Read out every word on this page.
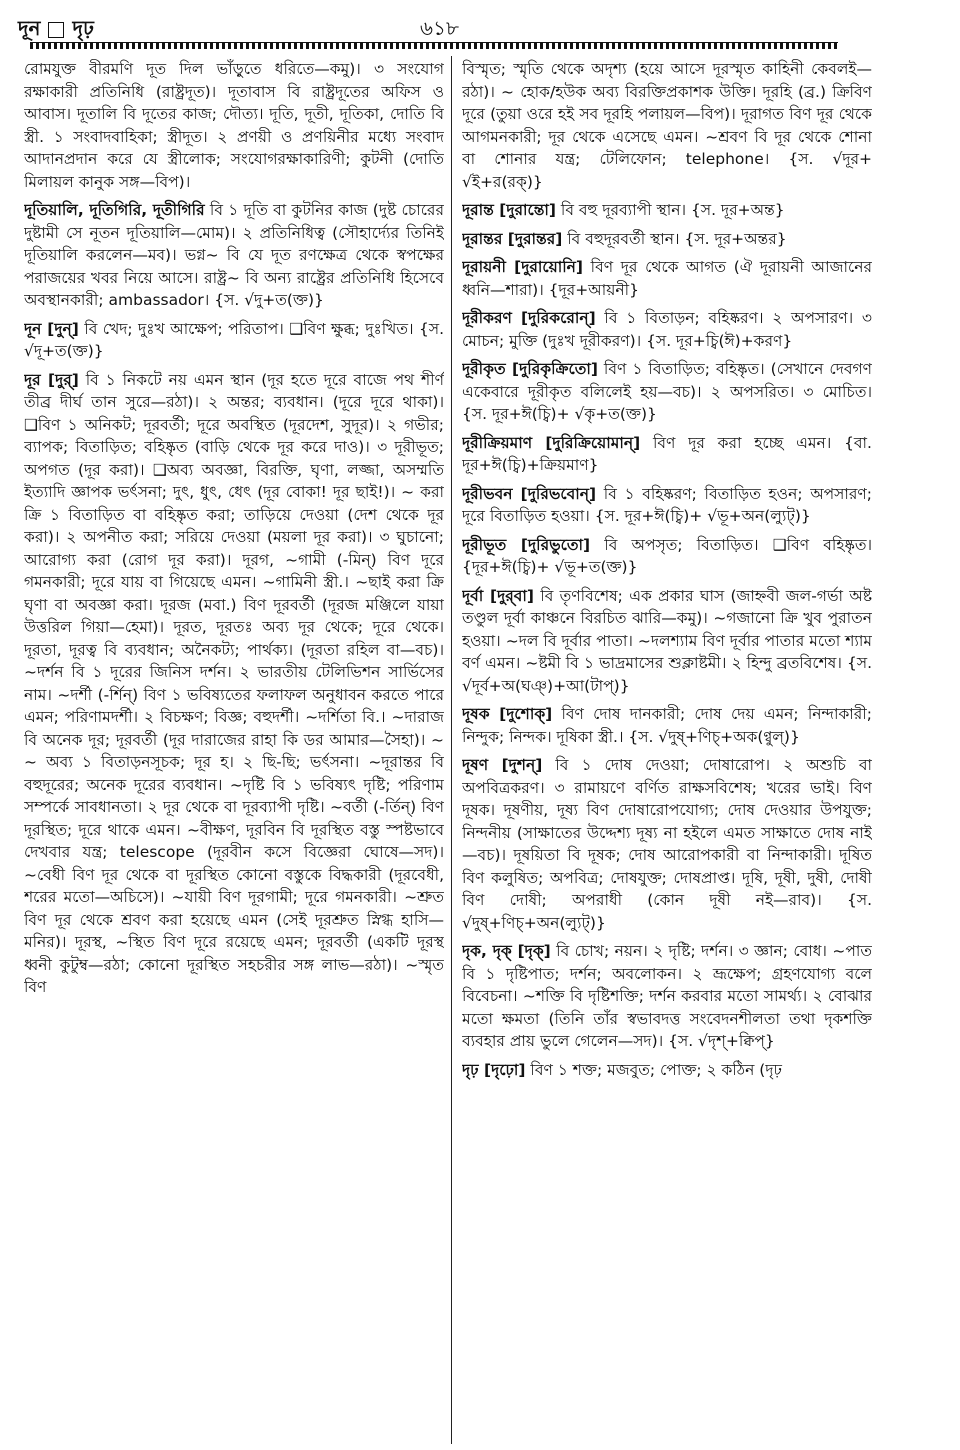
দূন দৃঢ়	৬১৮

রোমযুক্ত বীরমণি দূত দিল ভাঁড়ুতে ধরিতে—কমু)। ৩ সংযোগ রক্ষাকারী প্রতিনিধি (রাষ্ট্রদূত)। দূতাবাস বি রাষ্ট্রদূতের অফিস ও আবাস। দূতালি বি দূতের কাজ; দৌত্য। দূতি, দূতী, দূতিকা, দোতি বি স্ত্রী. ১ সংবাদবাহিকা; স্ত্রীদূত। ২ প্রণয়ী ও প্রণয়িনীর মধ্যে সংবাদ আদানপ্রদান করে যে স্ত্রীলোক; সংযোগরক্ষাকারিণী; কুটনী (দোতি মিলায়ল কানুক সঙ্গ—বিপ)।

দূতিয়ালি, দূতিগিরি, দূতীগিরি বি ১ দূতি বা কুটনির কাজ (দুষ্ট চোরের দুষ্টামী সে নূতন দূতিয়ালি—মোম)। ২ প্রতিনিধিত্ব (সৌহার্দ্যের তিনিই দূতিয়ালি করলেন—মব)। ভগ্ন~ বি যে দূত রণক্ষেত্র থেকে স্বপক্ষের পরাজয়ের খবর নিয়ে আসে। রাষ্ট্র~ বি অন্য রাষ্ট্রের প্রতিনিধি হিসেবে অবস্থানকারী; ambassador। {স. √দু+ত(ক্ত)}

দূন [দুন্] বি খেদ; দুঃখ আক্ষেপ; পরিতাপ। ❑বিণ ক্ষুব্ধ; দুঃখিত। {স. √দূ+ত(ক্ত)}

দূর [দুর্] বি ১ নিকটে নয় এমন স্থান (দূর হতে দূরে বাজে পথ শীর্ণ তীব্র দীর্ঘ তান সুরে—রঠা)। ২ অন্তর; ব্যবধান। (দূরে দূরে থাকা)। ❑বিণ ১ অনিকট; দূরবর্তী; দূরে অবস্থিত (দূরদেশ, সুদূর)। ২ গভীর; ব্যাপক; বিতাড়িত; বহিষ্কৃত (বাড়ি থেকে দূর করে দাও)। ৩ দূরীভূত; অপগত (দূর করা)। ❑অব্য অবজ্ঞা, বিরক্তি, ঘৃণা, লজ্জা, অসম্মতি ইত্যাদি জ্ঞাপক ভর্ৎসনা; দুৎ, ধুৎ, ধেৎ (দূর বোকা! দূর ছাই!)। ~ করা ক্রি ১ বিতাড়িত বা বহিষ্কৃত করা; তাড়িয়ে দেওয়া (দেশ থেকে দূর করা)। ২ অপনীত করা; সরিয়ে দেওয়া (ময়লা দূর করা)। ৩ ঘুচানো; আরোগ্য করা (রোগ দূর করা)। দূরগ, ~গামী (-মিন্) বিণ দূরে গমনকারী; দূরে যায় বা গিয়েছে এমন। ~গামিনী স্ত্রী.। ~ছাই করা ক্রি ঘৃণা বা অবজ্ঞা করা। দূরজ (মবা.) বিণ দূরবর্তী (দূরজ মঞ্জিলে যায়া উত্তরিল গিয়া—হেমা)। দূরত, দূরতঃ অব্য দূর থেকে; দূরে থেকে। দূরতা, দূরত্ব বি ব্যবধান; অনৈকট্য; পার্থক্য। (দূরতা রহিল বা—বচ)। ~দর্শন বি ১ দূরের জিনিস দর্শন। ২ ভারতীয় টেলিভিশন সার্ভিসের নাম। ~দর্শী (-র্শিন্) বিণ ১ ভবিষ্যতের ফলাফল অনুধাবন করতে পারে এমন; পরিণামদর্শী। ২ বিচক্ষণ; বিজ্ঞ; বহুদর্শী। ~দর্শিতা বি.। ~দারাজ বি অনেক দূর; দূরবর্তী (দূর দারাজের রাহা কি ডর আমার—সৈহা)। ~ ~ অব্য ১ বিতাড়নসূচক; দূর হ। ২ ছি-ছি; ভর্ৎসনা। ~দূরান্তর বি বহুদূরের; অনেক দূরের ব্যবধান। ~দৃষ্টি বি ১ ভবিষ্যৎ দৃষ্টি; পরিণাম সম্পর্কে সাবধানতা। ২ দূর থেকে বা দূরব্যাপী দৃষ্টি। ~বর্তী (-র্তিন্) বিণ দূরস্থিত; দূরে থাকে এমন। ~বীক্ষণ, দূরবিন বি দূরস্থিত বস্তু স্পষ্টভাবে দেখবার যন্ত্র; telescope (দূরবীন কসে বিজ্ঞেরা ঘোষে—সদ)। ~বেধী বিণ দূর থেকে বা দূরস্থিত কোনো বস্তুকে বিদ্ধকারী (দূরবেধী, শরের মতো—অচিসে)। ~যায়ী বিণ দূরগামী; দূরে গমনকারী। ~শ্রুত বিণ দূর থেকে শ্রবণ করা হয়েছে এমন (সেই দূরশ্রুত স্নিগ্ধ হাসি—মনির)। দূরস্থ, ~স্থিত বিণ দূরে রয়েছে এমন; দূরবর্তী (একটি দূরস্থ ধ্বনী কুটুম্ব—রঠা; কোনো দূরস্থিত সহচরীর সঙ্গ লাভ—রঠা)। ~স্মৃত বিণ

বিস্মৃত; স্মৃতি থেকে অদৃশ্য (হয়ে আসে দূরস্মৃত কাহিনী কেবলই—রঠা)। ~ হোক/হউক অব্য বিরক্তিপ্রকাশক উক্তি। দূরহি (ব্র.) ক্রিবিণ দূরে (তুয়া ওরে হই সব দূরহি পলায়ল—বিপ)। দূরাগত বিণ দূর থেকে আগমনকারী; দূর থেকে এসেছে এমন। ~শ্রবণ বি দূর থেকে শোনা বা শোনার যন্ত্র; টেলিফোন; telephone। {স. √দূর+ √ই+র(রক্)}

দূরান্ত [দুরান্তো] বি বহু দূরব্যাপী স্থান। {স. দূর+অন্ত}

দূরান্তর [দুরান্তর] বি বহুদূরবর্তী স্থান। {স. দূর+অন্তর}

দূরায়নী [দুরায়োনি] বিণ দূর থেকে আগত (ঐ দূরায়নী আজানের ধ্বনি—শারা)। {দূর+আয়নী}

দূরীকরণ [দুরিকরোন্] বি ১ বিতাড়ন; বহিষ্করণ। ২ অপসারণ। ৩ মোচন; মুক্তি (দুঃখ দূরীকরণ)। {স. দূর+চ্বি(ঈ)+করণ}

দূরীকৃত [দুরিকৃক্রিতো] বিণ ১ বিতাড়িত; বহিষ্কৃত। (সেখানে দেবগণ একেবারে দূরীকৃত বলিলেই হয়—বচ)। ২ অপসরিত। ৩ মোচিত। {স. দূর+ঈ(চ্বি)+ √কৃ+ত(ক্ত)}

দূরীক্রিয়মাণ [দুরিক্রিয়োমান্] বিণ দূর করা হচ্ছে এমন। {বা. দূর+ঈ(চ্বি)+ক্রিয়মাণ}

দূরীভবন [দুরিভবোন্] বি ১ বহিষ্করণ; বিতাড়িত হওন; অপসারণ; দূরে বিতাড়িত হওয়া। {স. দূর+ঈ(চ্বি)+ √ভূ+অন(ল্যুট্)}

দূরীভূত [দুরিভুতো] বি অপসৃত; বিতাড়িত। ❑বিণ বহিষ্কৃত। {দূর+ঈ(চ্বি)+ √ভূ+ত(ক্ত)}

দূর্বা [দুর্‌বা] বি তৃণবিশেষ; এক প্রকার ঘাস (জাহ্নবী জল-গর্ভা অষ্ট তণ্ডুল দূর্বা কাঞ্চনে বিরচিত ঝারি—কমু)। ~গজানো ক্রি খুব পুরাতন হওয়া। ~দল বি দূর্বার পাতা। ~দলশ্যাম বিণ দূর্বার পাতার মতো শ্যাম বর্ণ এমন। ~ষ্টমী বি ১ ভাদ্রমাসের শুক্লাষ্টমী। ২ হিন্দু ব্রতবিশেষ। {স. √দূর্ব+অ(ঘঞ্)+আ(টাপ্)}

দূষক [দুশোক্] বিণ দোষ দানকারী; দোষ দেয় এমন; নিন্দাকারী; নিন্দুক; নিন্দক। দূষিকা স্ত্রী.। {স. √দুষ্+ণিচ্+অক(ণ্বুল্)}

দূষণ [দুশন্] বি ১ দোষ দেওয়া; দোষারোপ। ২ অশুচি বা অপবিত্রকরণ। ৩ রামায়ণে বর্ণিত রাক্ষসবিশেষ; খরের ভাই। বিণ দূষক। দূষণীয়, দূষ্য বিণ দোষারোপযোগ্য; দোষ দেওয়ার উপযুক্ত; নিন্দনীয় (সাক্ষাতের উদ্দেশ্য দূষ্য না হইলে এমত সাক্ষাতে দোষ নাই—বচ)। দূষয়িতা বি দূষক; দোষ আরোপকারী বা নিন্দাকারী। দূষিত বিণ কলুষিত; অপবিত্র; দোষযুক্ত; দোষপ্রাপ্ত। দূষি, দূষী, দুষী, দোষী বিণ দোষী; অপরাধী (কোন দূষী নই—রাব)। {স. √দুষ্+ণিচ্+অন(ল্যুট্)}

দৃক, দৃক্ [দৃক্] বি চোখ; নয়ন। ২ দৃষ্টি; দর্শন। ৩ জ্ঞান; বোধ। ~পাত বি ১ দৃষ্টিপাত; দর্শন; অবলোকন। ২ ভ্রূক্ষেপ; গ্রহণযোগ্য বলে বিবেচনা। ~শক্তি বি দৃষ্টিশক্তি; দর্শন করবার মতো সামর্থ্য। ২ বোঝার মতো ক্ষমতা (তিনি তাঁর স্বভাবদত্ত সংবেদনশীলতা তথা দৃকশক্তি ব্যবহার প্রায় ভুলে গেলেন—সদ)। {স. √দৃশ্+ক্বিপ্}

দৃঢ় [দৃঢ়ো] বিণ ১ শক্ত; মজবুত; পোক্ত; ২ কঠিন (দৃঢ়
